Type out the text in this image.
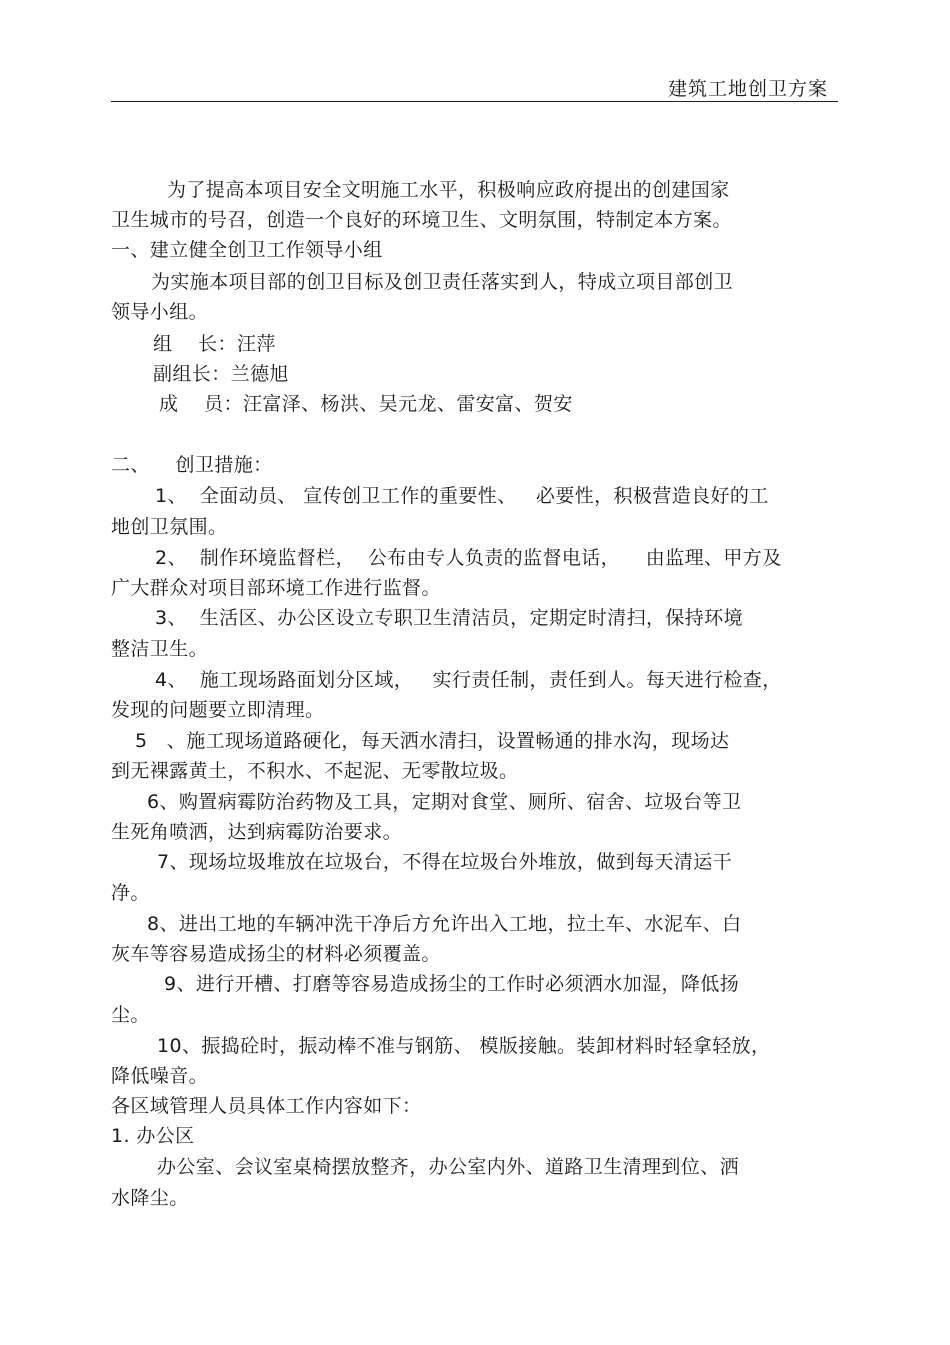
建筑工地创卫方案
为了提高本项目安全文明施工水平，积极响应政府提出的创建国家
卫生城市的号召，创造一个良好的环境卫生、文明氛围，特制定本方案。
一、建立健全创卫工作领导小组
为实施本项目部的创卫目标及创卫责任落实到人，特成立项目部创卫
领导小组。
组    长：汪萍
副组长：兰德旭
成    员：汪富泽、杨洪、吴元龙、雷安富、贺安
二、    创卫措施：
1、  全面动员、 宣传创卫工作的重要性、   必要性，积极营造良好的工
地创卫氛围。
2、  制作环境监督栏，  公布由专人负责的监督电话，    由监理、甲方及
广大群众对项目部环境工作进行监督。
3、  生活区、办公区设立专职卫生清洁员，定期定时清扫，保持环境
整洁卫生。
4、  施工现场路面划分区域，   实行责任制，责任到人。每天进行检查，
发现的问题要立即清理。
5   、施工现场道路硬化，每天洒水清扫，设置畅通的排水沟，现场达
到无裸露黄土，不积水、不起泥、无零散垃圾。
6、购置病霉防治药物及工具，定期对食堂、厕所、宿舍、垃圾台等卫
生死角喷洒，达到病霉防治要求。
7、现场垃圾堆放在垃圾台，不得在垃圾台外堆放，做到每天清运干
净。
8、进出工地的车辆冲洗干净后方允许出入工地，拉土车、水泥车、白
灰车等容易造成扬尘的材料必须覆盖。
9、进行开槽、打磨等容易造成扬尘的工作时必须洒水加湿，降低扬
尘。
10、振捣砼时，振动棒不准与钢筋、 模版接触。装卸材料时轻拿轻放，
降低噪音。
各区域管理人员具体工作内容如下：
1. 办公区
办公室、会议室桌椅摆放整齐，办公室内外、道路卫生清理到位、洒
水降尘。
